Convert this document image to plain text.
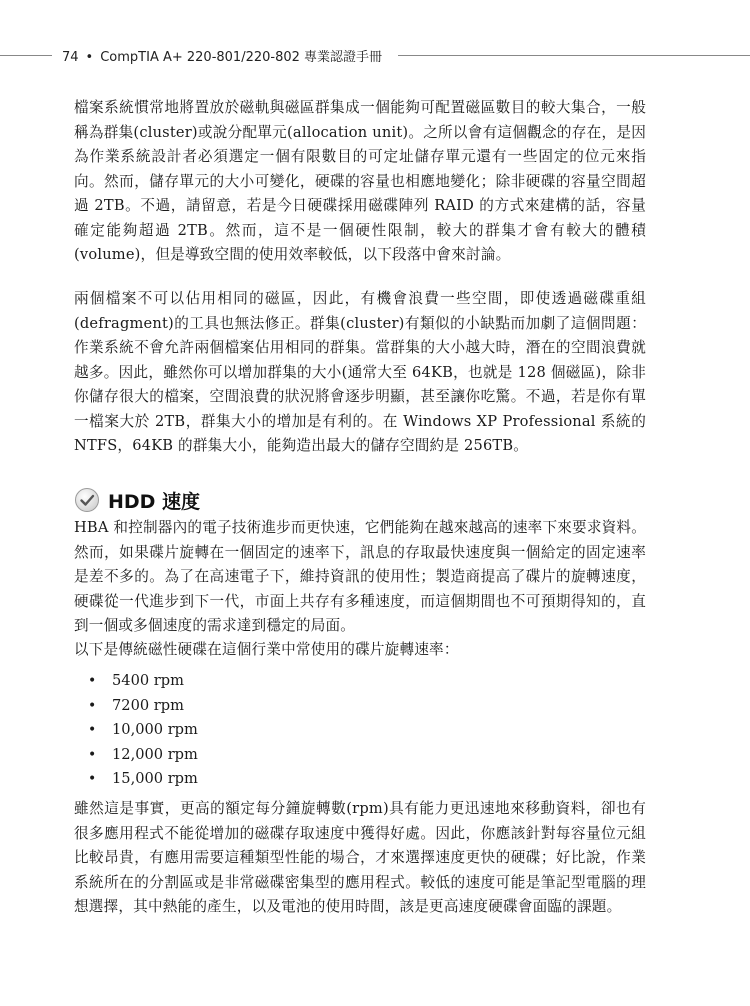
74 • CompTIA A+ 220-801/220-802 專業認證手冊
檔案系統慣常地將置放於磁軌與磁區群集成一個能夠可配置磁區數目的較大集合，一般稱為群集(cluster)或說分配單元(allocation unit)。之所以會有這個觀念的存在，是因為作業系統設計者必須選定一個有限數目的可定址儲存單元還有一些固定的位元來指向。然而，儲存單元的大小可變化，硬碟的容量也相應地變化；除非硬碟的容量空間超過 2TB。不過，請留意，若是今日硬碟採用磁碟陣列 RAID 的方式來建構的話，容量確定能夠超過 2TB。然而，這不是一個硬性限制，較大的群集才會有較大的體積(volume)，但是導致空間的使用效率較低，以下段落中會來討論。
兩個檔案不可以佔用相同的磁區，因此，有機會浪費一些空間，即使透過磁碟重組(defragment)的工具也無法修正。群集(cluster)有類似的小缺點而加劇了這個問題：作業系統不會允許兩個檔案佔用相同的群集。當群集的大小越大時，潛在的空間浪費就越多。因此，雖然你可以增加群集的大小(通常大至 64KB，也就是 128 個磁區)，除非你儲存很大的檔案，空間浪費的狀況將會逐步明顯，甚至讓你吃驚。不過，若是你有單一檔案大於 2TB，群集大小的增加是有利的。在 Windows XP Professional 系統的 NTFS，64KB 的群集大小，能夠造出最大的儲存空間約是 256TB。
HDD 速度
HBA 和控制器內的電子技術進步而更快速，它們能夠在越來越高的速率下來要求資料。然而，如果碟片旋轉在一個固定的速率下，訊息的存取最快速度與一個給定的固定速率是差不多的。為了在高速電子下，維持資訊的使用性；製造商提高了碟片的旋轉速度，硬碟從一代進步到下一代，市面上共存有多種速度，而這個期間也不可預期得知的，直到一個或多個速度的需求達到穩定的局面。
以下是傳統磁性硬碟在這個行業中常使用的碟片旋轉速率：
• 5400 rpm
• 7200 rpm
• 10,000 rpm
• 12,000 rpm
• 15,000 rpm
雖然這是事實，更高的額定每分鐘旋轉數(rpm)具有能力更迅速地來移動資料，卻也有很多應用程式不能從增加的磁碟存取速度中獲得好處。因此，你應該針對每容量位元組比較昂貴，有應用需要這種類型性能的場合，才來選擇速度更快的硬碟；好比說，作業系統所在的分割區或是非常磁碟密集型的應用程式。較低的速度可能是筆記型電腦的理想選擇，其中熱能的產生，以及電池的使用時間，該是更高速度硬碟會面臨的課題。
